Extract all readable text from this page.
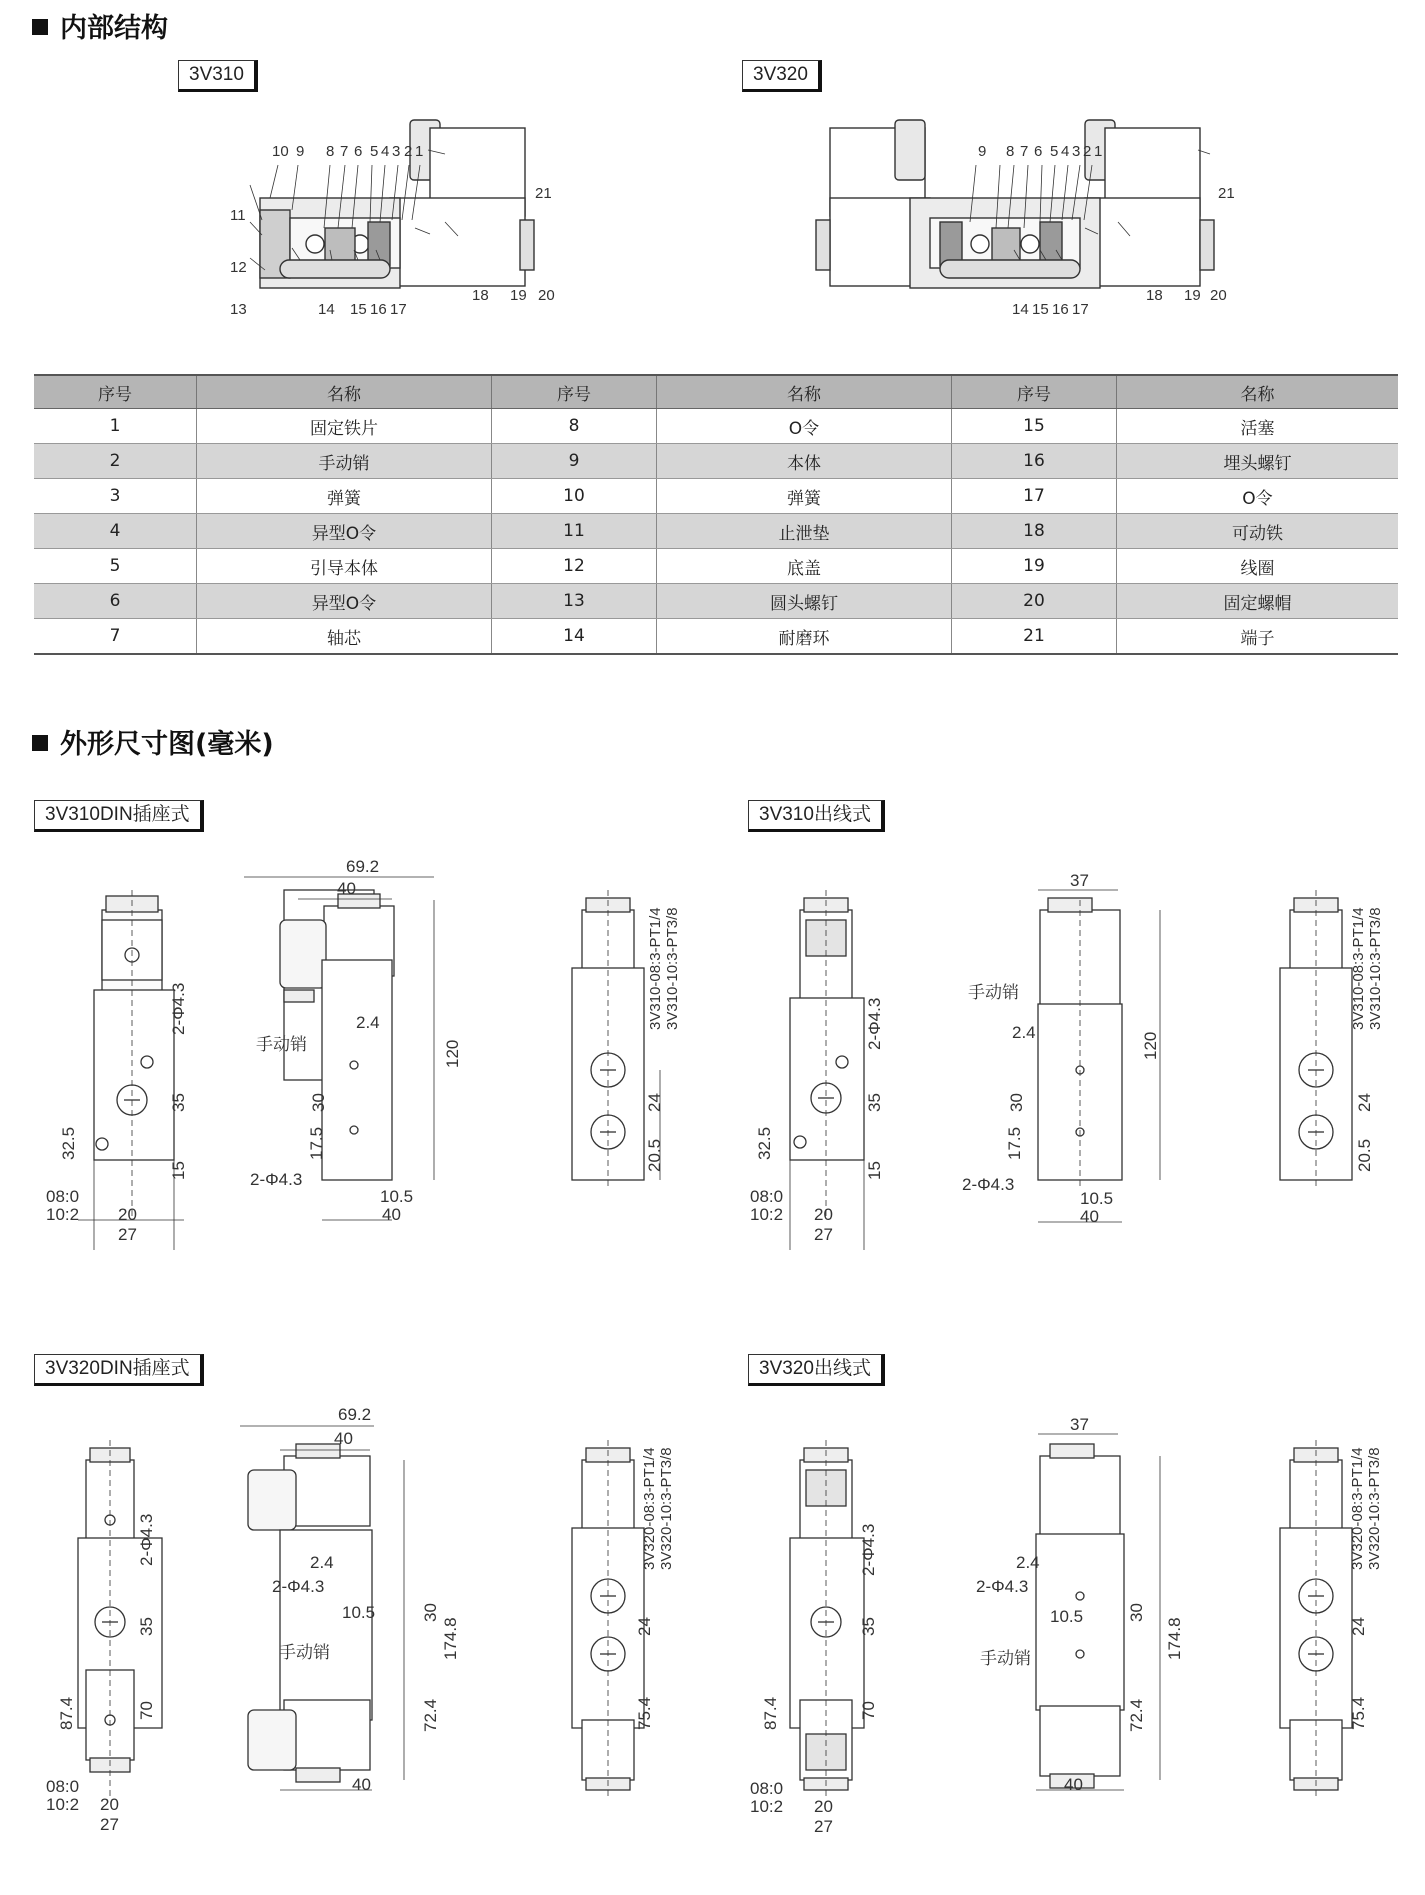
内部结构
3V310	3V320
10 9 8 7 6 5 4 3 2 1
21
11
12
13	14 15 16 17
18 19 20
9 8 7 6 5 4 3 2 1
21
14 15 16 17
18 19 20
序号	名称	序号	名称	序号	名称
1	固定铁片	8	O令	15	活塞
2	手动销	9	本体	16	埋头螺钉
3	弹簧	10	弹簧	17	O令
4	异型O令	11	止泄垫	18	可动铁
5	引导本体	12	底盖	19	线圈
6	异型O令	13	圆头螺钉	20	固定螺帽
7	轴芯	14	耐磨环	21	端子
外形尺寸图(毫米)
3V310DIN插座式	3V310出线式
3V320DIN插座式	3V320出线式
2-Φ4.3
35
32.5
15
08:0
10:2 20
27
69.2
40
2.4
手动销
30
17.5
2-Φ4.3
10.5
40
120
3V310-08:3-PT1/4 3V310-10:3-PT3/8
24
20.5
2-Φ4.3
35
32.5
15
08:0
10:2 20
27
37
手动销
2.4
30
17.5
2-Φ4.3
10.5
40
120
3V310-08:3-PT1/4 3V310-10:3-PT3/8
24
20.5
2-Φ4.3
35
87.4	70
08:0
10:2 20
27
69.2
40
2.4
2-Φ4.3
10.5
手动销
30
174.8
72.4
40
3V320-08:3-PT1/4 3V320-10:3-PT3/8
24
75.4
2-Φ4.3
35
87.4	70
08:0
10:2 20
27
37
2.4
2-Φ4.3
10.5
手动销
30
174.8
72.4
40
3V320-08:3-PT1/4 3V320-10:3-PT3/8
24
75.4
